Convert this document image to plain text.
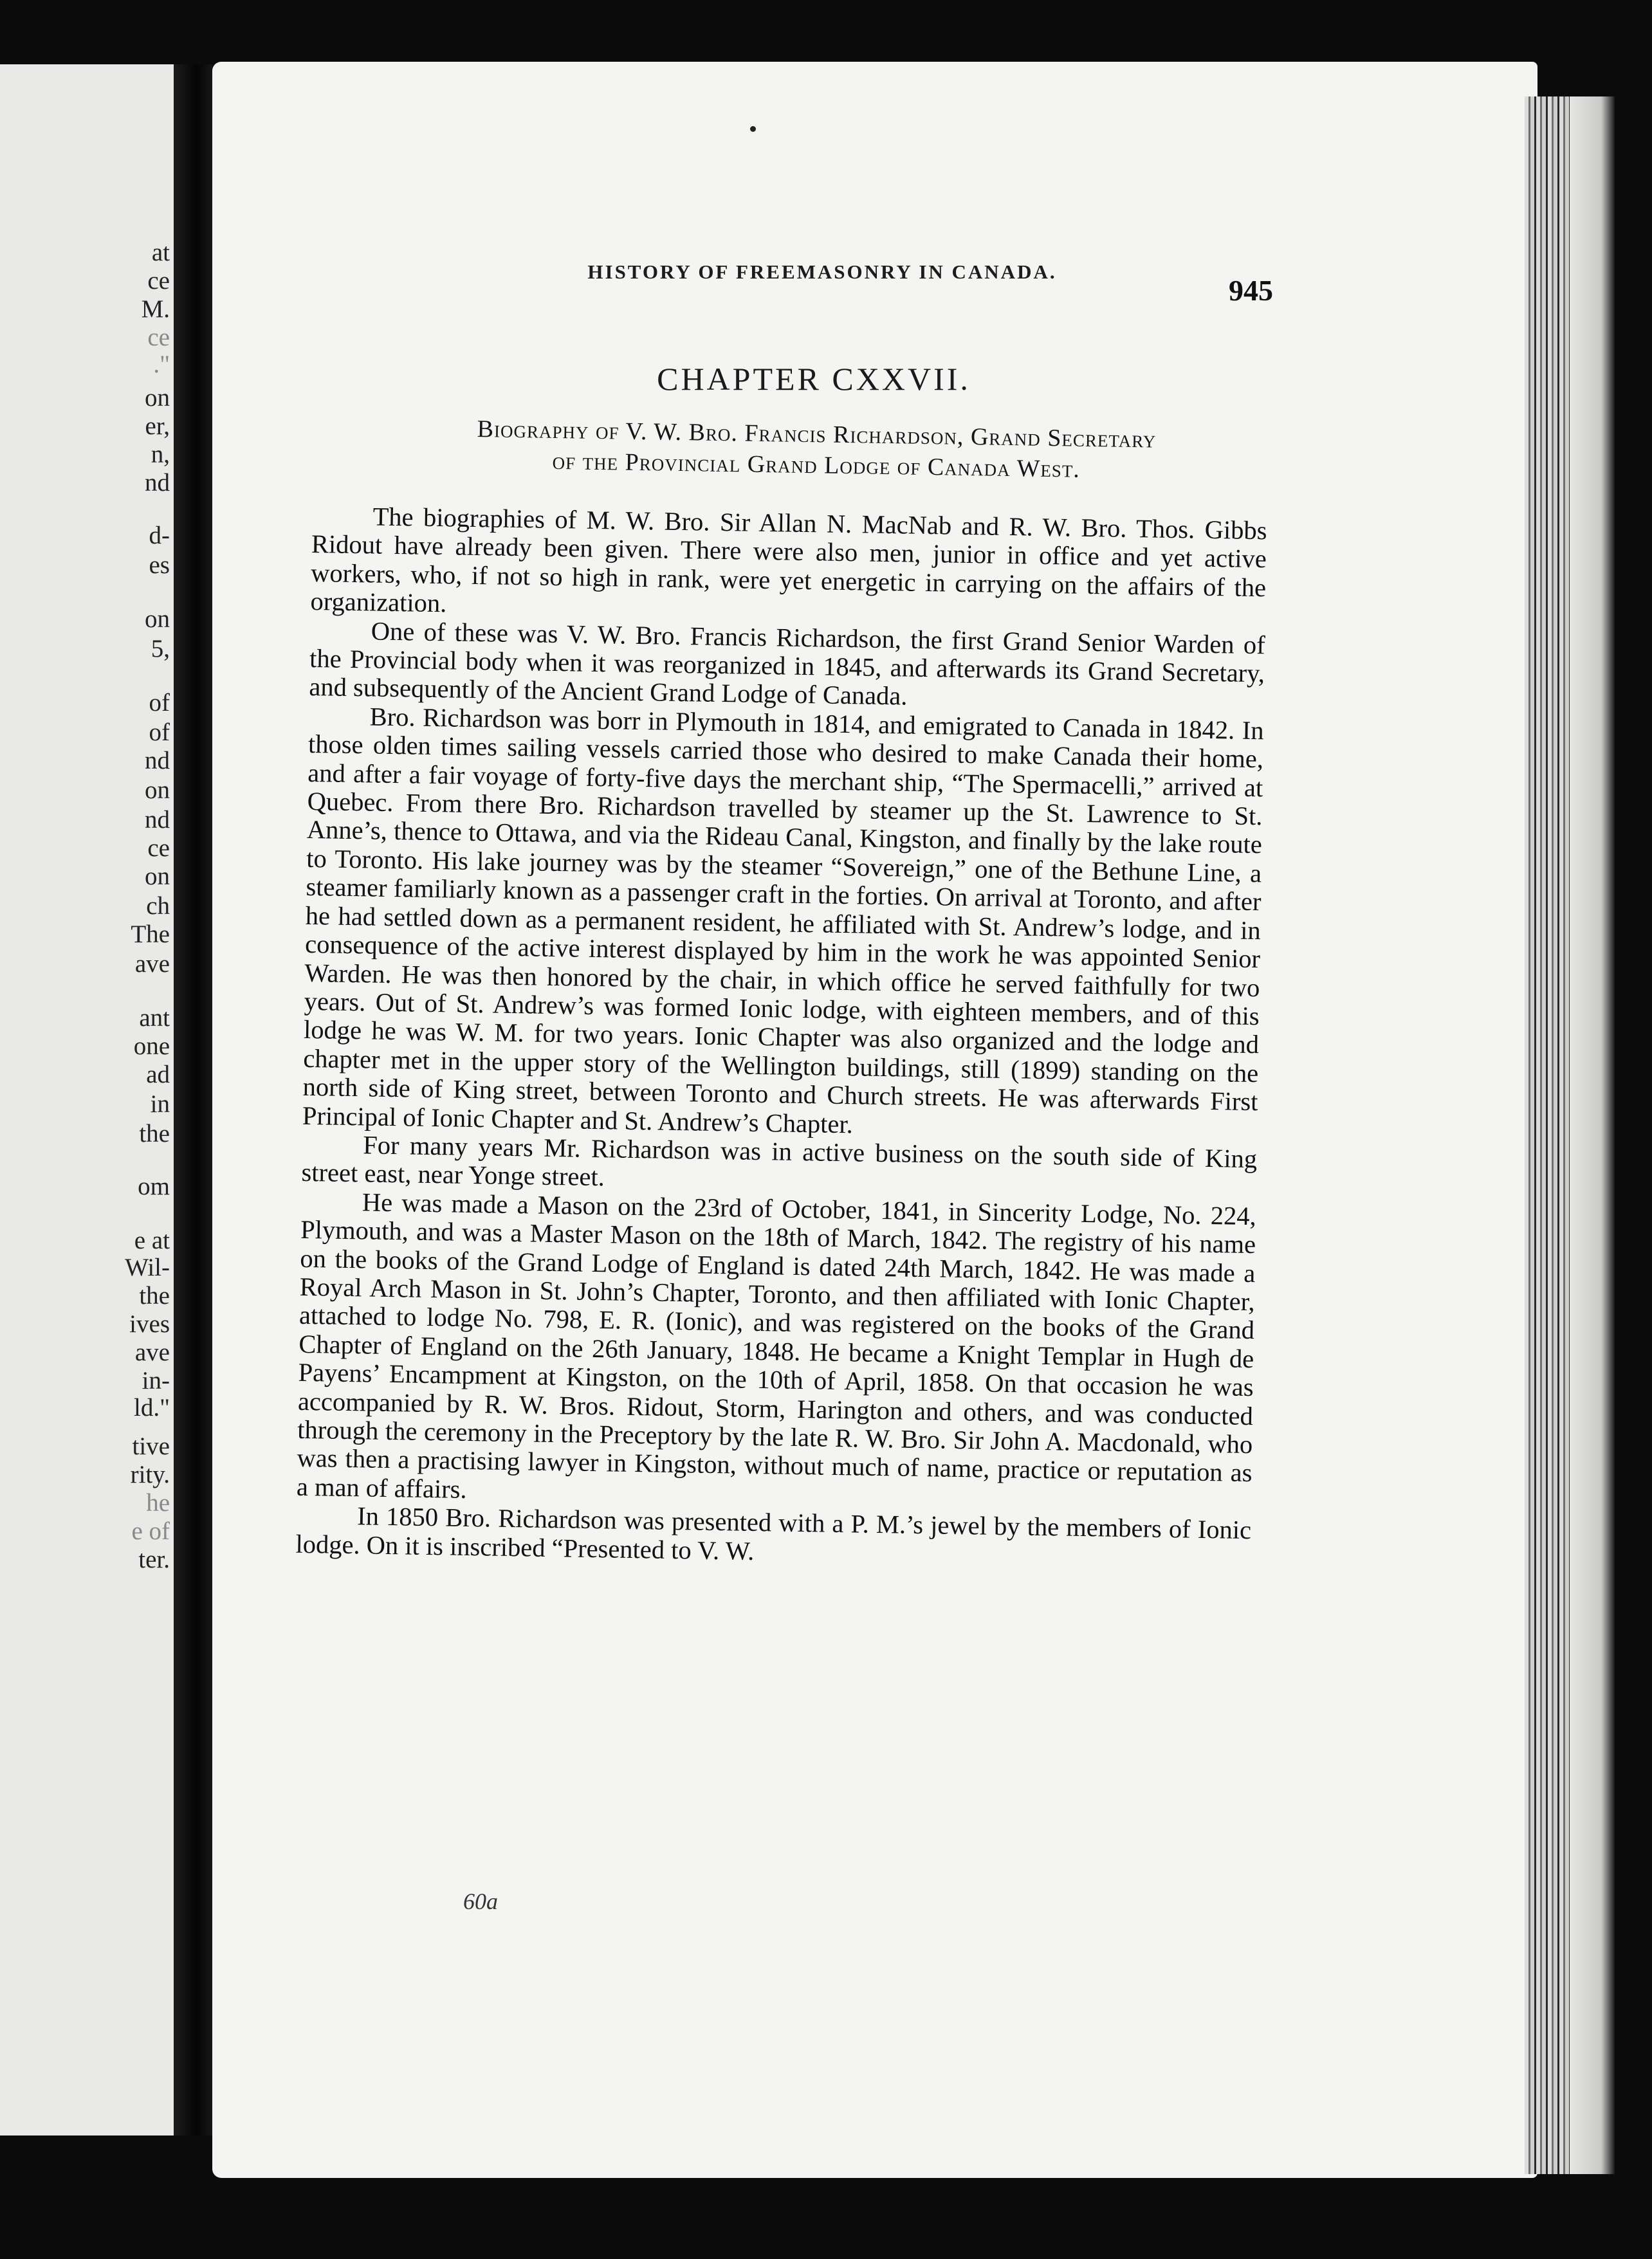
at
ce
M.
ce
."
on
er,
n,
nd
d-
es
on
5,
of
of
nd
on
nd
ce
on
ch
The
ave
ant
one
ad
in
the
om
e at
Wil-
the
ives
ave
in-
ld."
tive
rity.
he
e of
ter.
HISTORY OF FREEMASONRY IN CANADA.
945
CHAPTER CXXVII.
Biography of V. W. Bro. Francis Richardson, Grand Secretary
of the Provincial Grand Lodge of Canada West.

The biographies of M. W. Bro. Sir Allan N. MacNab and R. W. Bro. Thos. Gibbs Ridout have already been given. There were also men, junior in office and yet active workers, who, if not so high in rank, were yet energetic in carrying on the affairs of the organization.

One of these was V. W. Bro. Francis Richardson, the first Grand Senior Warden of the Provincial body when it was reorganized in 1845, and afterwards its Grand Secretary, and subsequently of the Ancient Grand Lodge of Canada.

Bro. Richardson was borr in Plymouth in 1814, and emigrated to Canada in 1842. In those olden times sailing vessels carried those who desired to make Canada their home, and after a fair voyage of forty-five days the merchant ship, “The Spermacelli,” arrived at Quebec. From there Bro. Richardson travelled by steamer up the St. Lawrence to St. Anne’s, thence to Ottawa, and via the Rideau Canal, Kingston, and finally by the lake route to Toronto. His lake journey was by the steamer “Sovereign,” one of the Bethune Line, a steamer familiarly known as a passenger craft in the forties. On arrival at Toronto, and after he had settled down as a permanent resident, he affiliated with St. Andrew’s lodge, and in consequence of the active interest displayed by him in the work he was appointed Senior Warden. He was then honored by the chair, in which office he served faithfully for two years. Out of St. Andrew’s was formed Ionic lodge, with eighteen members, and of this lodge he was W. M. for two years. Ionic Chapter was also organized and the lodge and chapter met in the upper story of the Wellington buildings, still (1899) standing on the north side of King street, between Toronto and Church streets. He was afterwards First Principal of Ionic Chapter and St. Andrew’s Chapter.

For many years Mr. Richardson was in active business on the south side of King street east, near Yonge street.

He was made a Mason on the 23rd of October, 1841, in Sincerity Lodge, No. 224, Plymouth, and was a Master Mason on the 18th of March, 1842. The registry of his name on the books of the Grand Lodge of England is dated 24th March, 1842. He was made a Royal Arch Mason in St. John’s Chapter, Toronto, and then affiliated with Ionic Chapter, attached to lodge No. 798, E. R. (Ionic), and was registered on the books of the Grand Chapter of England on the 26th January, 1848. He became a Knight Templar in Hugh de Payens’ Encampment at Kingston, on the 10th of April, 1858. On that occasion he was accompanied by R. W. Bros. Ridout, Storm, Harington and others, and was conducted through the ceremony in the Preceptory by the late R. W. Bro. Sir John A. Macdonald, who was then a practising lawyer in Kingston, without much of name, practice or reputation as a man of affairs.

In 1850 Bro. Richardson was presented with a P. M.’s jewel by the members of Ionic lodge. On it is inscribed “Presented to V. W.

60a
